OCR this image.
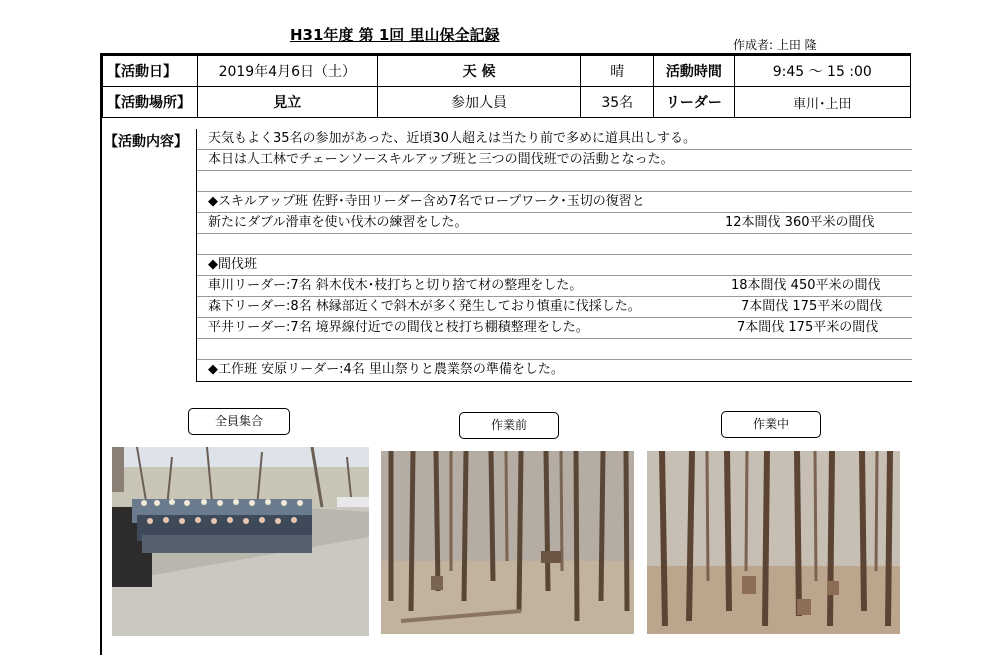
H31年度 第 1回 里山保全記録
作成者: 上田 隆
【活動日】	2019年4月6日（土）	天 候	晴	活動時間	9:45 〜 15 :00
【活動場所】	見立	参加人員	35名	リーダー	車川･上田
【活動内容】	天気もよく35名の参加があった、近頃30人超えは当たり前で多めに道具出しする。
本日は人工林でチェーンソースキルアップ班と三つの間伐班での活動となった。
◆スキルアップ班 佐野･寺田リーダー含め7名でロープワーク･玉切の復習と
新たにダブル滑車を使い伐木の練習をした。	12本間伐 360平米の間伐
◆間伐班
車川リーダー:7名 斜木伐木･枝打ちと切り捨て材の整理をした。	18本間伐 450平米の間伐
森下リーダー:8名 林縁部近くで斜木が多く発生しており慎重に伐採した。	7本間伐 175平米の間伐
平井リーダー:7名 境界線付近での間伐と枝打ち棚積整理をした。	7本間伐 175平米の間伐
◆工作班 安原リーダー:4名 里山祭りと農業祭の準備をした。
全員集合	作業前	作業中
